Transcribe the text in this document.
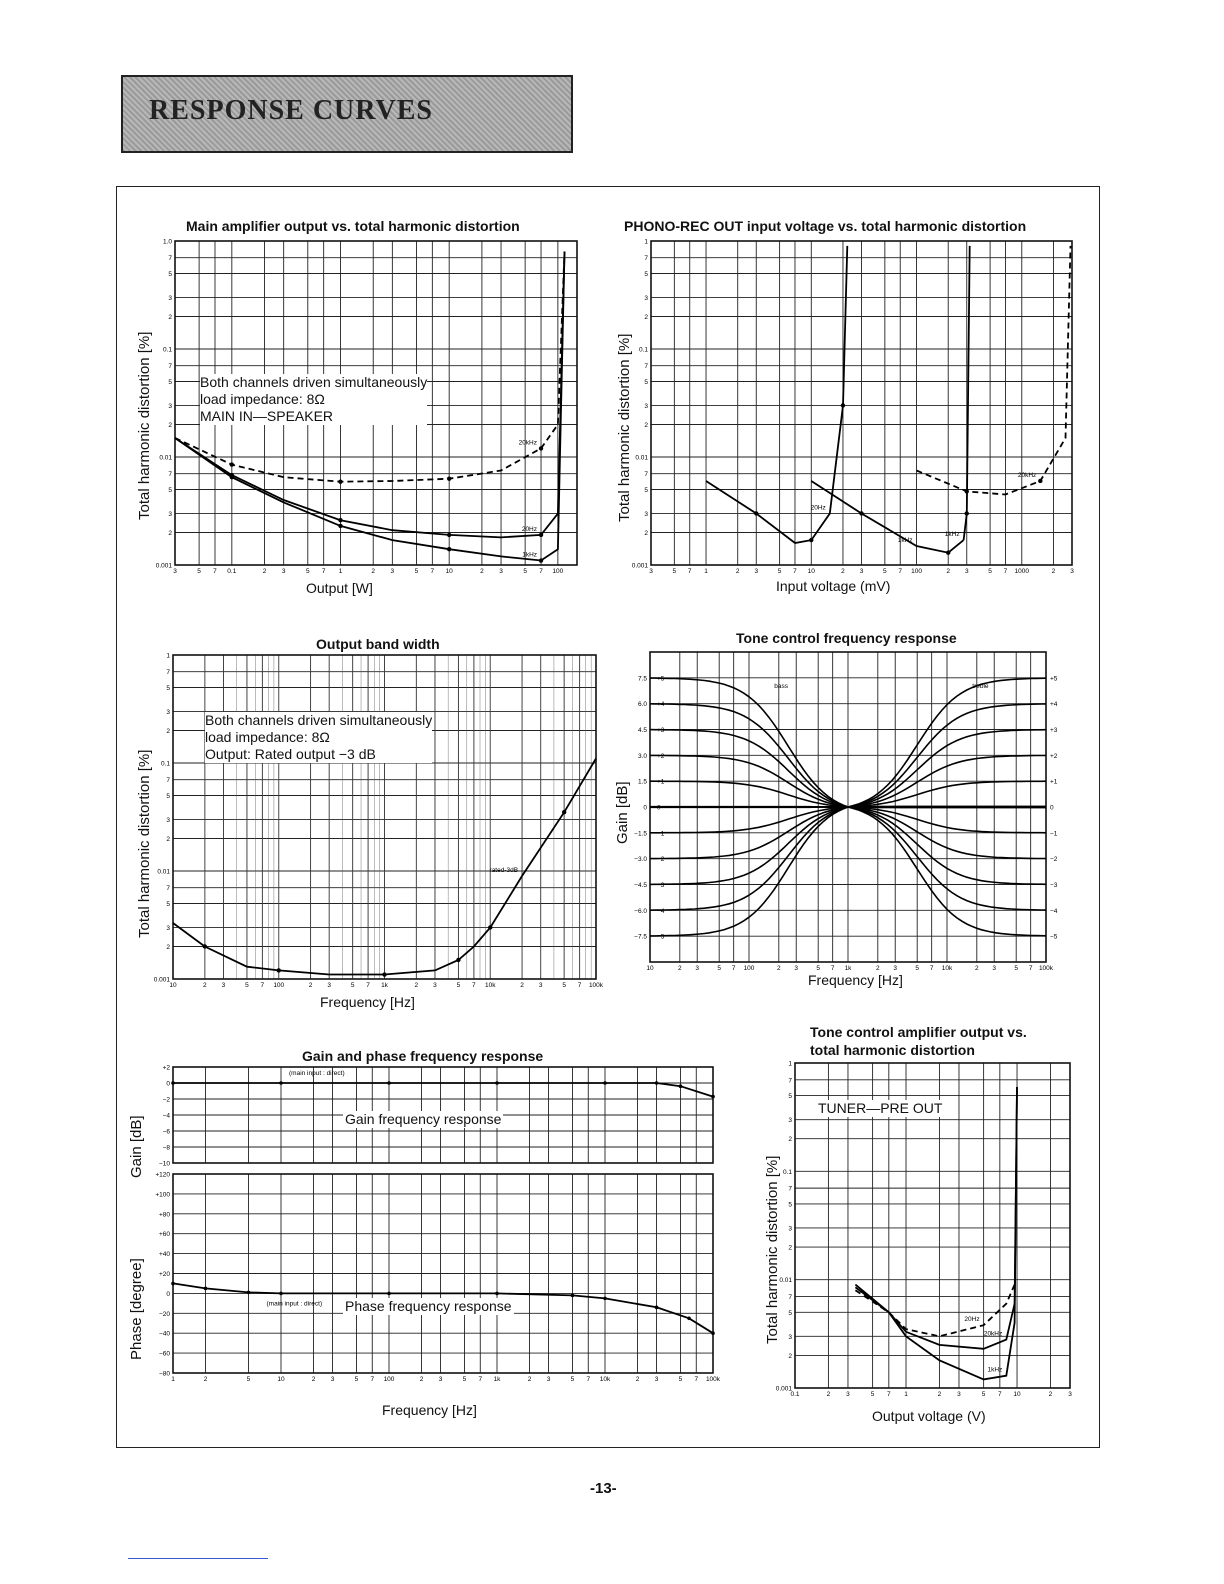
RESPONSE CURVES
Main amplifier output vs. total harmonic distortion
Total harmonic distortion [%]
3	5 7 0.1	2 3	5 7 1	2 3	5 7 10	2 3	5 7 100
0.001
2
3
5
7
0.01
2
3
5
7
0.1
2
3
5
7
1.0
20kHz
20Hz
1kHz
Output [W]
Both channels driven simultaneously
load impedance: 8Ω
MAIN IN—SPEAKER
PHONO-REC OUT input voltage vs. total harmonic distortion
Total harmonic distortion [%]
3	5 7 1	2 3	5 7 10	2 3	5 7 100	2 3	5 7 1000	2 3
0.001
2
3
5
7
0.01
2
3
5
7
0.1
2
3
5
7
1
20Hz
1kHz
1kHz
20kHz
Input voltage (mV)
Output band width
Total harmonic distortion [%]
10	2 3	5 7 100	2 3	5 7 1k	2 3	5 7 10k	2 3	5 7 100k
0.001
2
3
5
7
0.01
2
3
5
7
0.1
2
3
5
7
1
rated-3dB
Frequency [Hz]
Both channels driven simultaneously
load impedance: 8Ω
Output: Rated output −3 dB
Tone control frequency response
Gain [dB]
10	2 3	5 7 100	2 3	5 7 1k	2 3	5 7 10k	2 3	5 7 100k
−7.5
−6.0
−4.5
−3.0
−1.5
0
1.5
3.0
4.5
6.0
7.5 +5	+5
+4	+4
+3	+3
+2	+2
+1	+1
0	0
−1	−1
−2	−2
−3	−3
−4	−4
−5	−5
bass	treble
Frequency [Hz]
Gain and phase frequency response
Gain [dB]
Phase [degree]
+2
0
−2
−4
−6
−8
−10
1	2	5	10	2 3	5 7 100	2 3	5 7 1k	2 3	5 7 10k	2 3	5 7 100k
+120
+100
+80
+60
+40
+20
0
−20
−40
−60
−80
(main input : direct)
(main input : direct)
Frequency [Hz]
Gain frequency response
Phase frequency response
Tone control amplifier output vs.
total harmonic distortion
Total harmonic distortion [%]
0.1	2 3	5 7 1	2 3	5 7 10	2 3
0.001
2
3
5
7
0.01
2
3
5
7
0.1
2
3
5
7
1
20Hz
20kHz
1kHz
Output voltage (V)
TUNER—PRE OUT
-13-
